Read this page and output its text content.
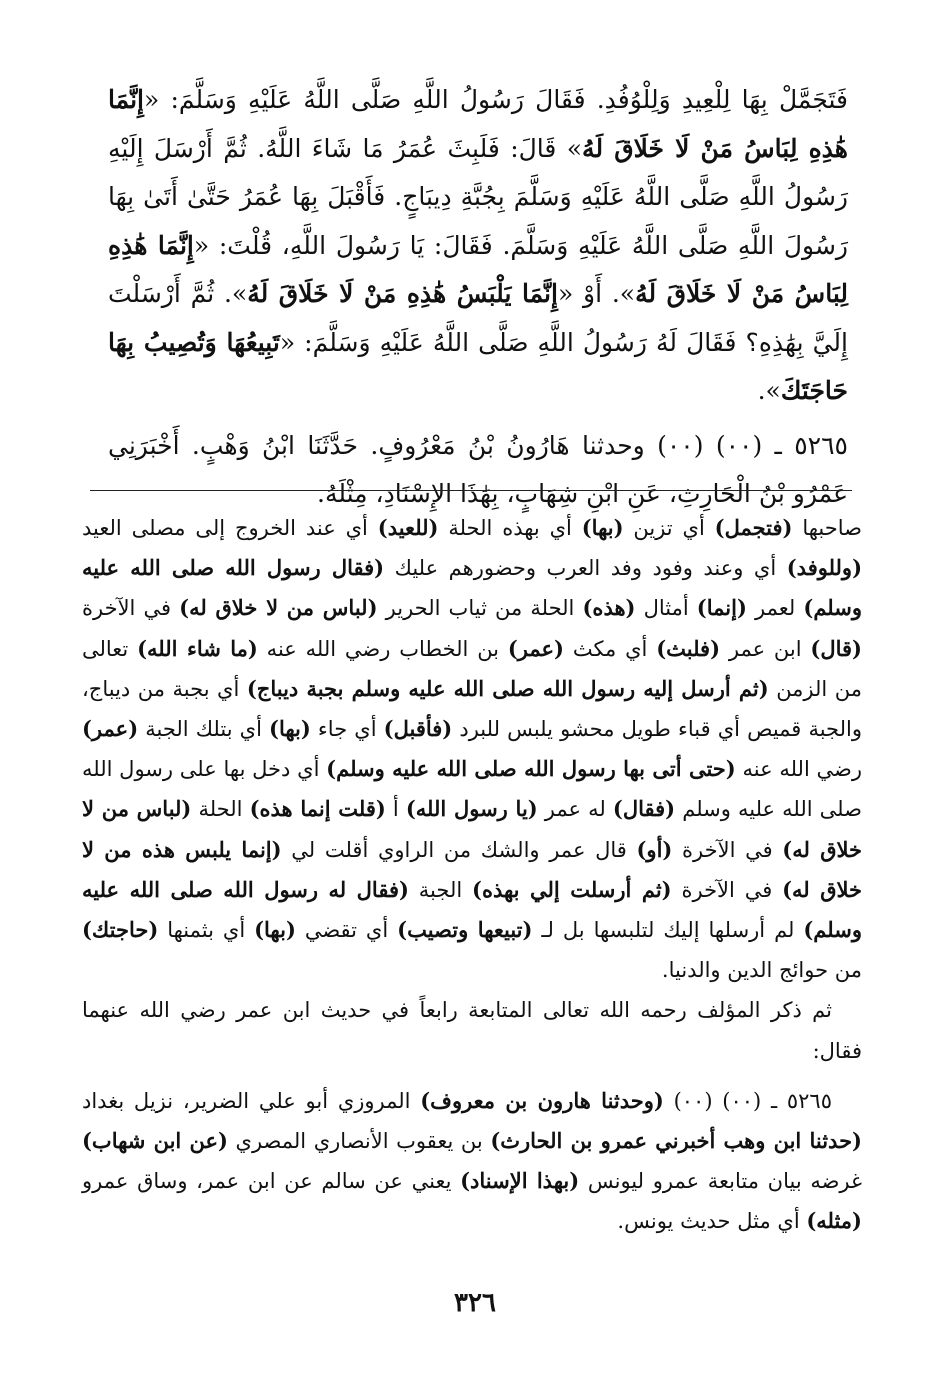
فَتَجَمَّلْ بِهَا لِلْعِيدِ وَلِلْوُفُدِ. فَقَالَ رَسُولُ اللَّهِ صَلَّى اللَّهُ عَلَيْهِ وَسَلَّمَ: «إِنَّمَا هَٰذِهِ لِبَاسُ مَنْ لَا خَلَاقَ لَهُ» قَالَ: فَلَبِثَ عُمَرُ مَا شَاءَ اللَّهُ. ثُمَّ أَرْسَلَ إِلَيْهِ رَسُولُ اللَّهِ صَلَّى اللَّهُ عَلَيْهِ وَسَلَّمَ بِجُبَّةِ دِيبَاجٍ. فَأَقْبَلَ بِهَا عُمَرُ حَتَّىٰ أَتَىٰ بِهَا رَسُولَ اللَّهِ صَلَّى اللَّهُ عَلَيْهِ وَسَلَّمَ. فَقَالَ: يَا رَسُولَ اللَّهِ، قُلْتَ: «إِنَّمَا هَٰذِهِ لِبَاسُ مَنْ لَا خَلَاقَ لَهُ». أَوْ «إِنَّمَا يَلْبَسُ هَٰذِهِ مَنْ لَا خَلَاقَ لَهُ». ثُمَّ أَرْسَلْتَ إِلَيَّ بِهَٰذِهِ؟ فَقَالَ لَهُ رَسُولُ اللَّهِ صَلَّى اللَّهُ عَلَيْهِ وَسَلَّمَ: «تَبِيعُهَا وَتُصِيبُ بِهَا حَاجَتَكَ».

٥٢٦٥ ـ (٠٠) (٠٠) وحدثنا هَارُونُ بْنُ مَعْرُوفٍ. حَدَّثَنَا ابْنُ وَهْبٍ. أَخْبَرَنِي عَمْرُو بْنُ الْحَارِثِ، عَنِ ابْنِ شِهَابٍ، بِهَٰذَا الإِسْنَادِ، مِثْلَهُ.

صاحبها (فتجمل) أي تزين (بها) أي بهذه الحلة (للعيد) أي عند الخروج إلى مصلى العيد (وللوفد) أي وعند وفود وفد العرب وحضورهم عليك (فقال رسول الله صلى الله عليه وسلم) لعمر (إنما) أمثال (هذه) الحلة من ثياب الحرير (لباس من لا خلاق له) في الآخرة (قال) ابن عمر (فلبث) أي مكث (عمر) بن الخطاب رضي الله عنه (ما شاء الله) تعالى من الزمن (ثم أرسل إليه رسول الله صلى الله عليه وسلم بجبة ديباج) أي بجبة من ديباج، والجبة قميص أي قباء طويل محشو يلبس للبرد (فأقبل) أي جاء (بها) أي بتلك الجبة (عمر) رضي الله عنه (حتى أتى بها رسول الله صلى الله عليه وسلم) أي دخل بها على رسول الله صلى الله عليه وسلم (فقال) له عمر (يا رسول الله) أ (قلت إنما هذه) الحلة (لباس من لا خلاق له) في الآخرة (أو) قال عمر والشك من الراوي أقلت لي (إنما يلبس هذه من لا خلاق له) في الآخرة (ثم أرسلت إلي بهذه) الجبة (فقال له رسول الله صلى الله عليه وسلم) لم أرسلها إليك لتلبسها بل لـ (تبيعها وتصيب) أي تقضي (بها) أي بثمنها (حاجتك) من حوائج الدين والدنيا.

ثم ذكر المؤلف رحمه الله تعالى المتابعة رابعاً في حديث ابن عمر رضي الله عنهما فقال:

٥٢٦٥ ـ (٠٠) (٠٠) (وحدثنا هارون بن معروف) المروزي أبو علي الضرير، نزيل بغداد (حدثنا ابن وهب أخبرني عمرو بن الحارث) بن يعقوب الأنصاري المصري (عن ابن شهاب) غرضه بيان متابعة عمرو ليونس (بهذا الإسناد) يعني عن سالم عن ابن عمر، وساق عمرو (مثله) أي مثل حديث يونس.

٣٢٦
